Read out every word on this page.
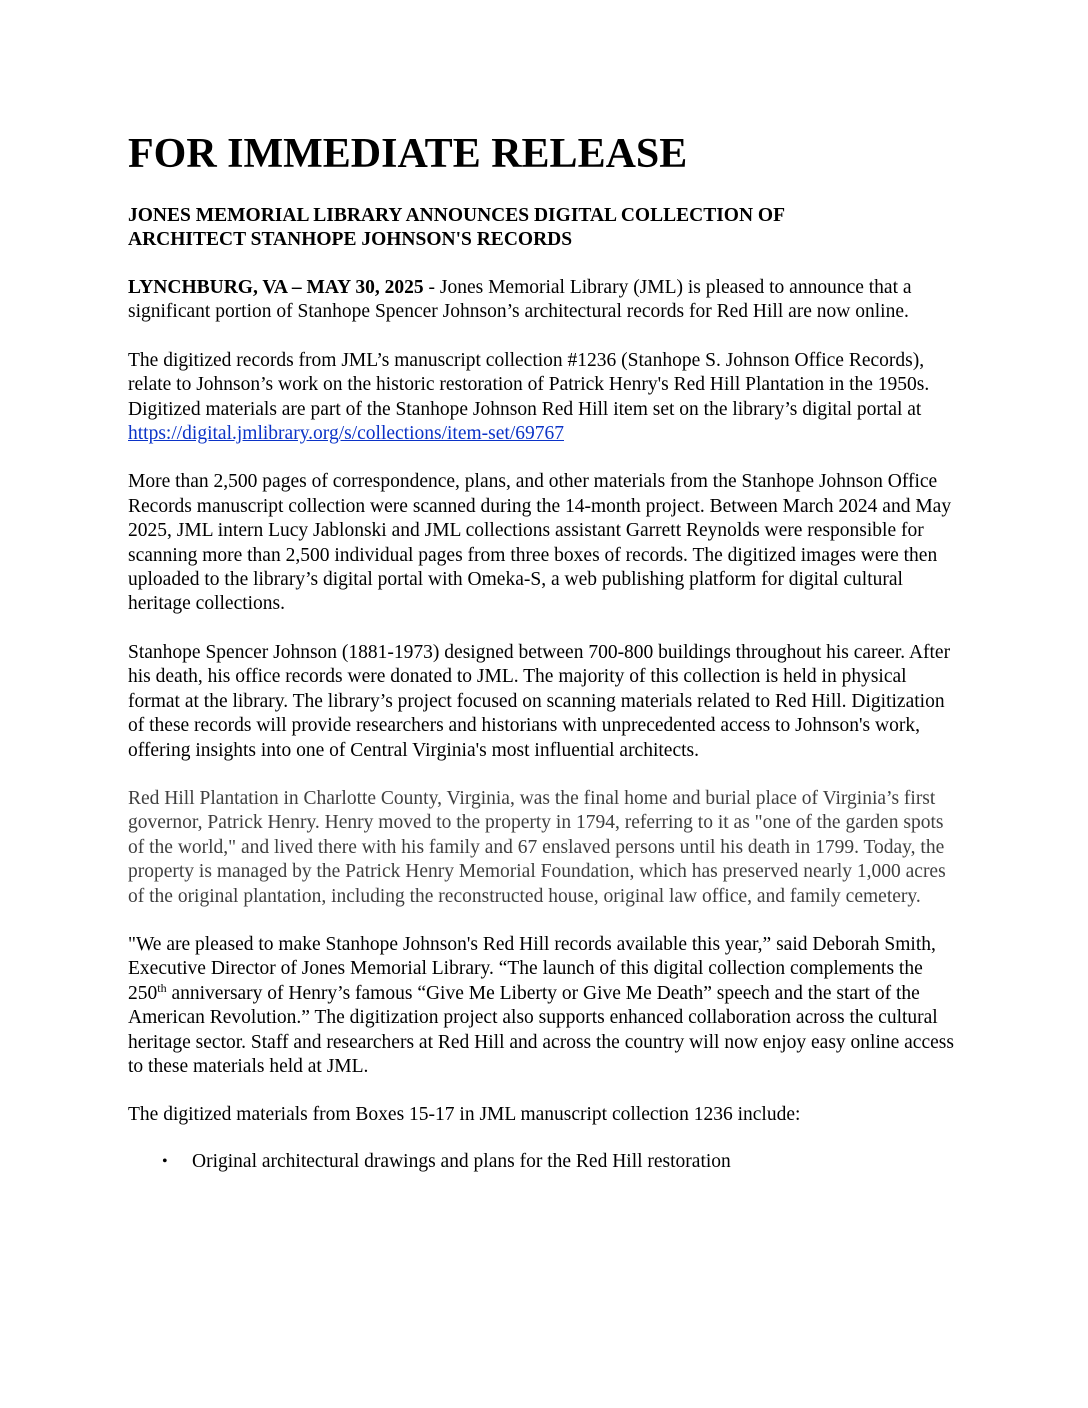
FOR IMMEDIATE RELEASE
JONES MEMORIAL LIBRARY ANNOUNCES DIGITAL COLLECTION OF
ARCHITECT STANHOPE JOHNSON'S RECORDS

LYNCHBURG, VA – MAY 30, 2025 - Jones Memorial Library (JML) is pleased to announce that a significant portion of Stanhope Spencer Johnson’s architectural records for Red Hill are now online.

The digitized records from JML’s manuscript collection #1236 (Stanhope S. Johnson Office Records), relate to Johnson’s work on the historic restoration of Patrick Henry's Red Hill Plantation in the 1950s. Digitized materials are part of the Stanhope Johnson Red Hill item set on the library’s digital portal at https://digital.jmlibrary.org/s/collections/item-set/69767

More than 2,500 pages of correspondence, plans, and other materials from the Stanhope Johnson Office Records manuscript collection were scanned during the 14-month project. Between March 2024 and May 2025, JML intern Lucy Jablonski and JML collections assistant Garrett Reynolds were responsible for scanning more than 2,500 individual pages from three boxes of records. The digitized images were then uploaded to the library’s digital portal with Omeka-S, a web publishing platform for digital cultural heritage collections.

Stanhope Spencer Johnson (1881-1973) designed between 700-800 buildings throughout his career. After his death, his office records were donated to JML. The majority of this collection is held in physical format at the library. The library’s project focused on scanning materials related to Red Hill. Digitization of these records will provide researchers and historians with unprecedented access to Johnson's work, offering insights into one of Central Virginia's most influential architects.

Red Hill Plantation in Charlotte County, Virginia, was the final home and burial place of Virginia’s first governor, Patrick Henry. Henry moved to the property in 1794, referring to it as "one of the garden spots of the world," and lived there with his family and 67 enslaved persons until his death in 1799. Today, the property is managed by the Patrick Henry Memorial Foundation, which has preserved nearly 1,000 acres of the original plantation, including the reconstructed house, original law office, and family cemetery.

"We are pleased to make Stanhope Johnson's Red Hill records available this year,” said Deborah Smith, Executive Director of Jones Memorial Library. “The launch of this digital collection complements the 250th anniversary of Henry’s famous “Give Me Liberty or Give Me Death” speech and the start of the American Revolution.” The digitization project also supports enhanced collaboration across the cultural heritage sector. Staff and researchers at Red Hill and across the country will now enjoy easy online access to these materials held at JML.

The digitized materials from Boxes 15-17 in JML manuscript collection 1236 include:

• Original architectural drawings and plans for the Red Hill restoration
